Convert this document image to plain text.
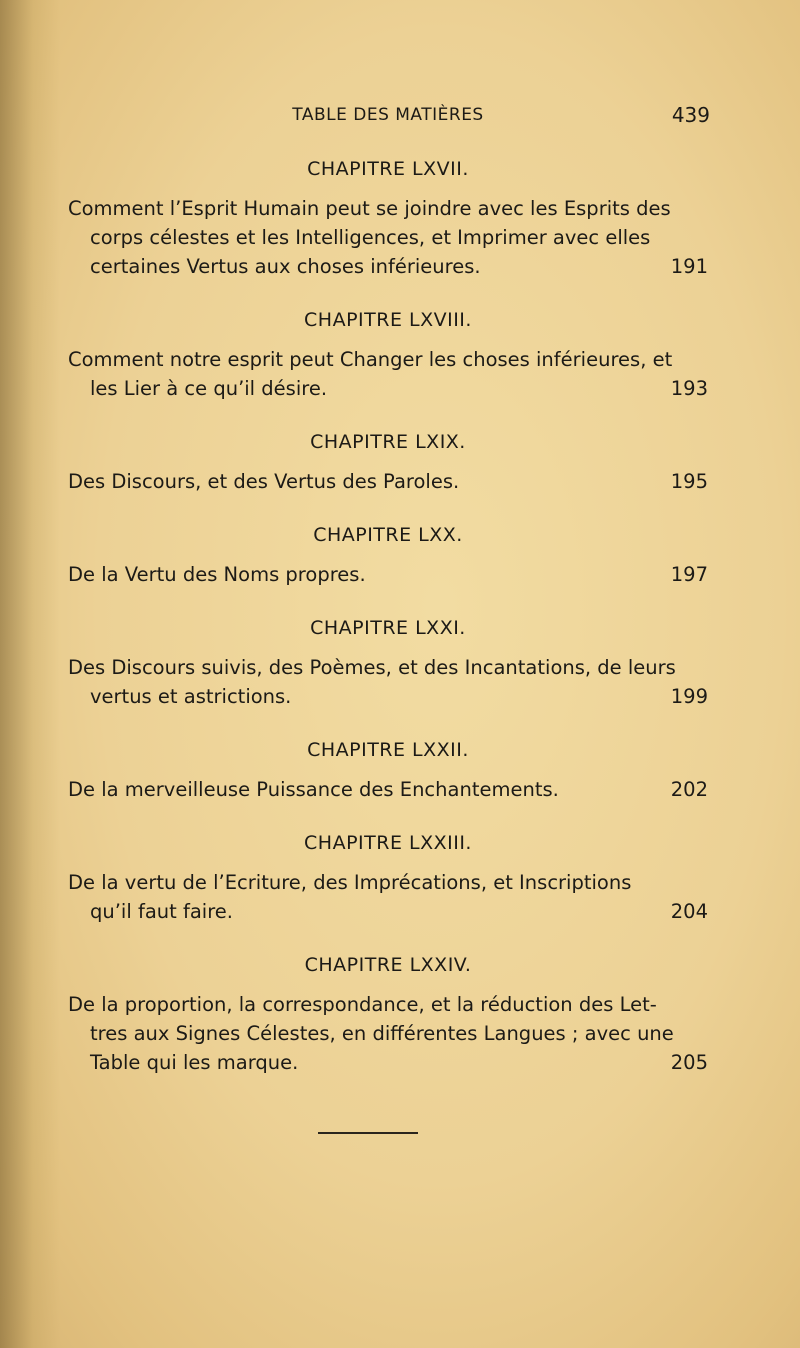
TABLE DES MATIÈRES	439
CHAPITRE LXVII.
Comment l’Esprit Humain peut se joindre avec les Esprits des
corps célestes et les Intelligences, et Imprimer avec elles
certaines Vertus aux choses inférieures.	191
CHAPITRE LXVIII.
Comment notre esprit peut Changer les choses inférieures, et
les Lier à ce qu’il désire.	193
CHAPITRE LXIX.
Des Discours, et des Vertus des Paroles.	195
CHAPITRE LXX.
De la Vertu des Noms propres.	197
CHAPITRE LXXI.
Des Discours suivis, des Poèmes, et des Incantations, de leurs
vertus et astrictions.	199
CHAPITRE LXXII.
De la merveilleuse Puissance des Enchantements.	202
CHAPITRE LXXIII.
De la vertu de l’Ecriture, des Imprécations, et Inscriptions
qu’il faut faire.	204
CHAPITRE LXXIV.
De la proportion, la correspondance, et la réduction des Let-
tres aux Signes Célestes, en différentes Langues ; avec une
Table qui les marque.	205
